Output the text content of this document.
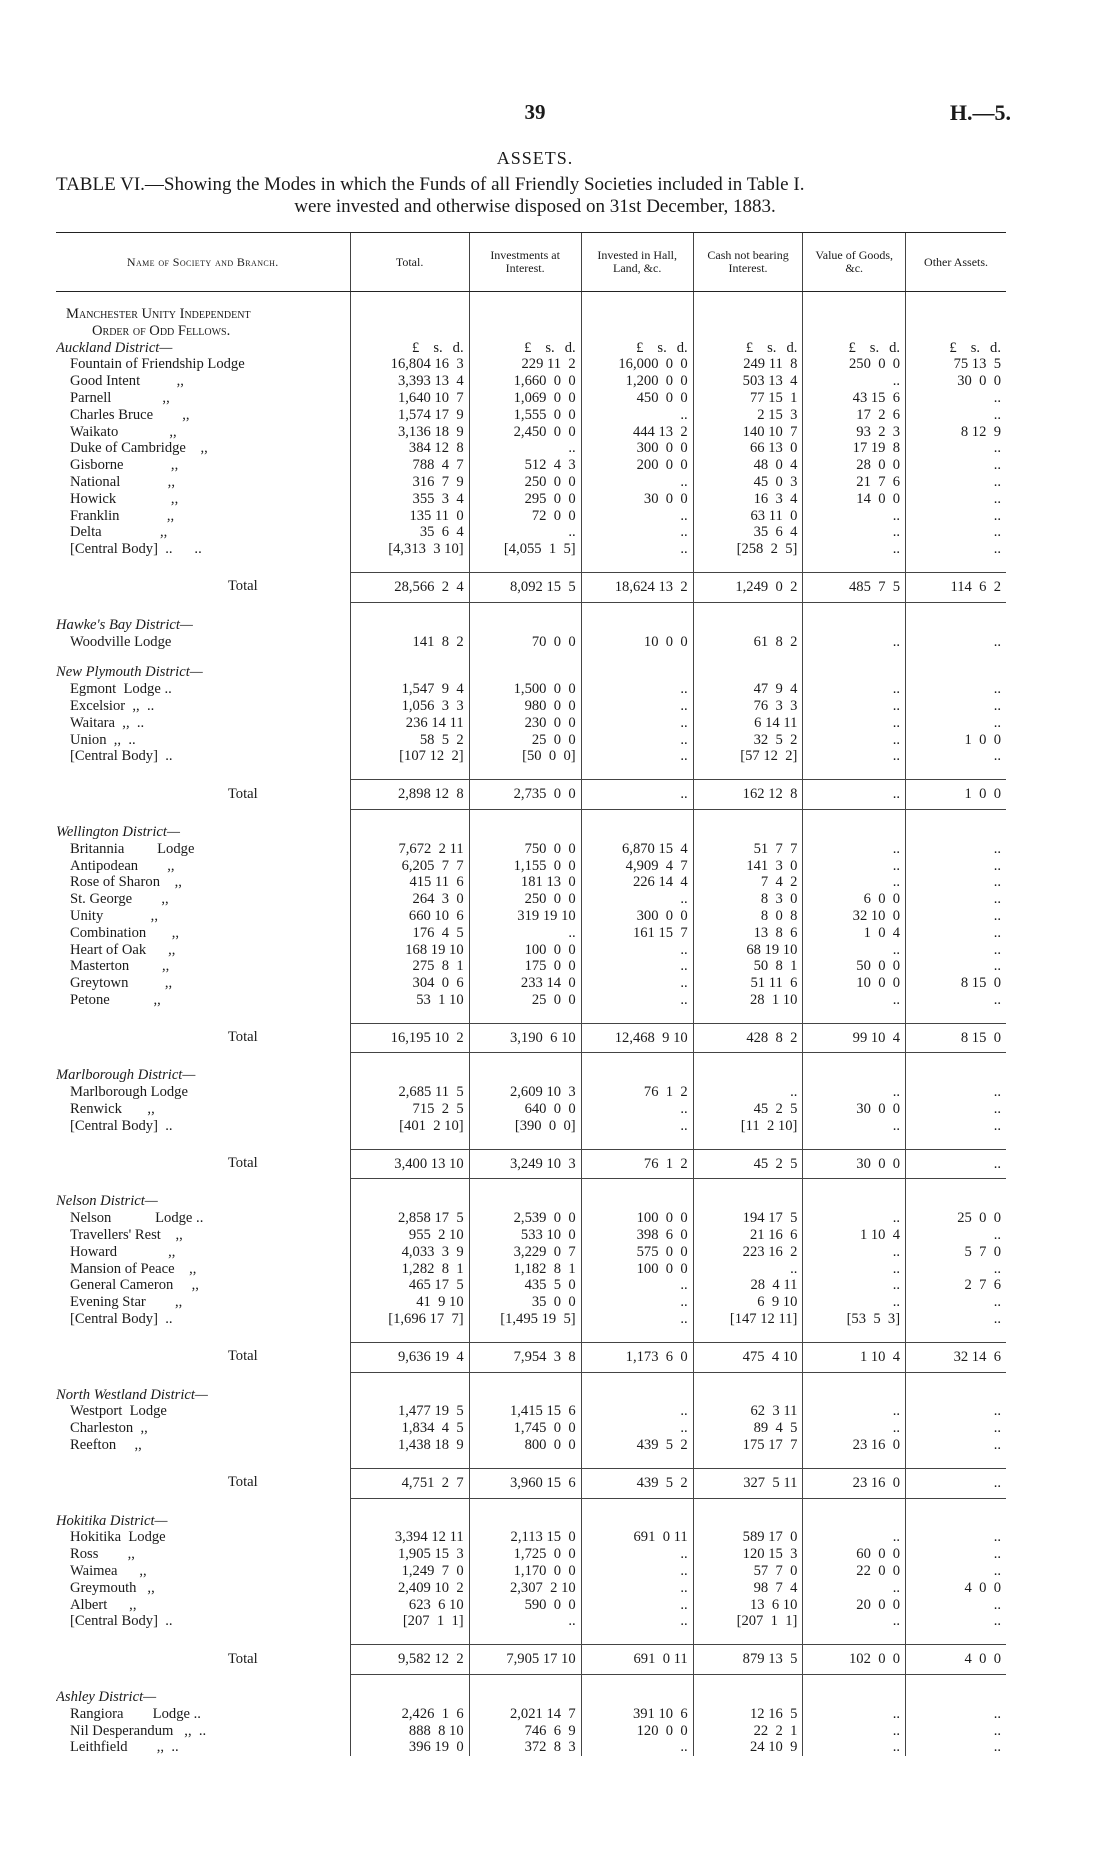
39	H.—5.
ASSETS.
TABLE VI.—Showing the Modes in which the Funds of all Friendly Societies included in Table I.
were invested and otherwise disposed on 31st December, 1883.
Name of Society and Branch.	Total.	Investments at Interest.	Invested in Hall, Land, &c.	Cash not bearing Interest.	Value of Goods, &c.	Other Assets.

Manchester Unity Independent						
Order of Odd Fellows.						
Auckland District—	£ s. d.	£ s. d.	£ s. d.	£ s. d.	£ s. d.	£ s. d.
Fountain of Friendship Lodge	16,804 16  3	229 11  2	16,000  0  0	249 11  8	250  0  0	75 13  5
Good Intent          ,,	3,393 13  4	1,660  0  0	1,200  0  0	503 13  4	..	30  0  0
Parnell              ,,	1,640 10  7	1,069  0  0	450  0  0	77 15  1	43 15  6	..
Charles Bruce        ,,	1,574 17  9	1,555  0  0	..	2 15  3	17  2  6	..
Waikato              ,,	3,136 18  9	2,450  0  0	444 13  2	140 10  7	93  2  3	8 12  9
Duke of Cambridge    ,,	384 12  8	..	300  0  0	66 13  0	17 19  8	..
Gisborne             ,,	788  4  7	512  4  3	200  0  0	48  0  4	28  0  0	..
National             ,,	316  7  9	250  0  0	..	45  0  3	21  7  6	..
Howick               ,,	355  3  4	295  0  0	30  0  0	16  3  4	14  0  0	..
Franklin             ,,	135 11  0	72  0  0	..	63 11  0	..	..
Delta                ,,	35  6  4	..	..	35  6  4	..	..
[Central Body]  ..      ..	[4,313  3 10]	[4,055  1  5]	..	[258  2  5]	..	..

Total	28,566  2  4	8,092 15  5	18,624 13  2	1,249  0  2	485  7  5	114  6  2

Hawke's Bay District—						
Woodville Lodge	141  8  2	70  0  0	10  0  0	61  8  2	..	..

New Plymouth District—						
Egmont  Lodge ..	1,547  9  4	1,500  0  0	..	47  9  4	..	..
Excelsior  ,,  ..	1,056  3  3	980  0  0	..	76  3  3	..	..
Waitara  ,,  ..	236 14 11	230  0  0	..	6 14 11	..	..
Union  ,,  ..	58  5  2	25  0  0	..	32  5  2	..	1  0  0
[Central Body]  ..	[107 12  2]	[50  0  0]	..	[57 12  2]	..	..

Total	2,898 12  8	2,735  0  0	..	162 12  8	..	1  0  0

Wellington District—						
Britannia         Lodge	7,672  2 11	750  0  0	6,870 15  4	51  7  7	..	..
Antipodean        ,,	6,205  7  7	1,155  0  0	4,909  4  7	141  3  0	..	..
Rose of Sharon    ,,	415 11  6	181 13  0	226 14  4	7  4  2	..	..
St. George        ,,	264  3  0	250  0  0	..	8  3  0	6  0  0	..
Unity             ,,	660 10  6	319 19 10	300  0  0	8  0  8	32 10  0	..
Combination       ,,	176  4  5	..	161 15  7	13  8  6	1  0  4	..
Heart of Oak      ,,	168 19 10	100  0  0	..	68 19 10	..	..
Masterton         ,,	275  8  1	175  0  0	..	50  8  1	50  0  0	..
Greytown          ,,	304  0  6	233 14  0	..	51 11  6	10  0  0	8 15  0
Petone            ,,	53  1 10	25  0  0	..	28  1 10	..	..

Total	16,195 10  2	3,190  6 10	12,468  9 10	428  8  2	99 10  4	8 15  0

Marlborough District—						
Marlborough Lodge	2,685 11  5	2,609 10  3	76  1  2	..	..	..
Renwick       ,,	715  2  5	640  0  0	..	45  2  5	30  0  0	..
[Central Body]  ..	[401  2 10]	[390  0  0]	..	[11  2 10]	..	..

Total	3,400 13 10	3,249 10  3	76  1  2	45  2  5	30  0  0	..

Nelson District—						
Nelson            Lodge ..	2,858 17  5	2,539  0  0	100  0  0	194 17  5	..	25  0  0
Travellers' Rest    ,,	955  2 10	533 10  0	398  6  0	21 16  6	1 10  4	..
Howard              ,,	4,033  3  9	3,229  0  7	575  0  0	223 16  2	..	5  7  0
Mansion of Peace    ,,	1,282  8  1	1,182  8  1	100  0  0	..	..	..
General Cameron     ,,	465 17  5	435  5  0	..	28  4 11	..	2  7  6
Evening Star        ,,	41  9 10	35  0  0	..	6  9 10	..	..
[Central Body]  ..	[1,696 17  7]	[1,495 19  5]	..	[147 12 11]	[53  5  3]	..

Total	9,636 19  4	7,954  3  8	1,173  6  0	475  4 10	1 10  4	32 14  6

North Westland District—						
Westport  Lodge	1,477 19  5	1,415 15  6	..	62  3 11	..	..
Charleston  ,,	1,834  4  5	1,745  0  0	..	89  4  5	..	..
Reefton     ,,	1,438 18  9	800  0  0	439  5  2	175 17  7	23 16  0	..

Total	4,751  2  7	3,960 15  6	439  5  2	327  5 11	23 16  0	..

Hokitika District—						
Hokitika  Lodge	3,394 12 11	2,113 15  0	691  0 11	589 17  0	..	..
Ross        ,,	1,905 15  3	1,725  0  0	..	120 15  3	60  0  0	..
Waimea      ,,	1,249  7  0	1,170  0  0	..	57  7  0	22  0  0	..
Greymouth   ,,	2,409 10  2	2,307  2 10	..	98  7  4	..	4  0  0
Albert      ,,	623  6 10	590  0  0	..	13  6 10	20  0  0	..
[Central Body]  ..	[207  1  1]	..	..	[207  1  1]	..	..

Total	9,582 12  2	7,905 17 10	691  0 11	879 13  5	102  0  0	4  0  0

Ashley District—						
Rangiora        Lodge ..	2,426  1  6	2,021 14  7	391 10  6	12 16  5	..	..
Nil Desperandum   ,,  ..	888  8 10	746  6  9	120  0  0	22  2  1	..	..
Leithfield        ,,  ..	396 19  0	372  8  3	..	24 10  9	..	..
